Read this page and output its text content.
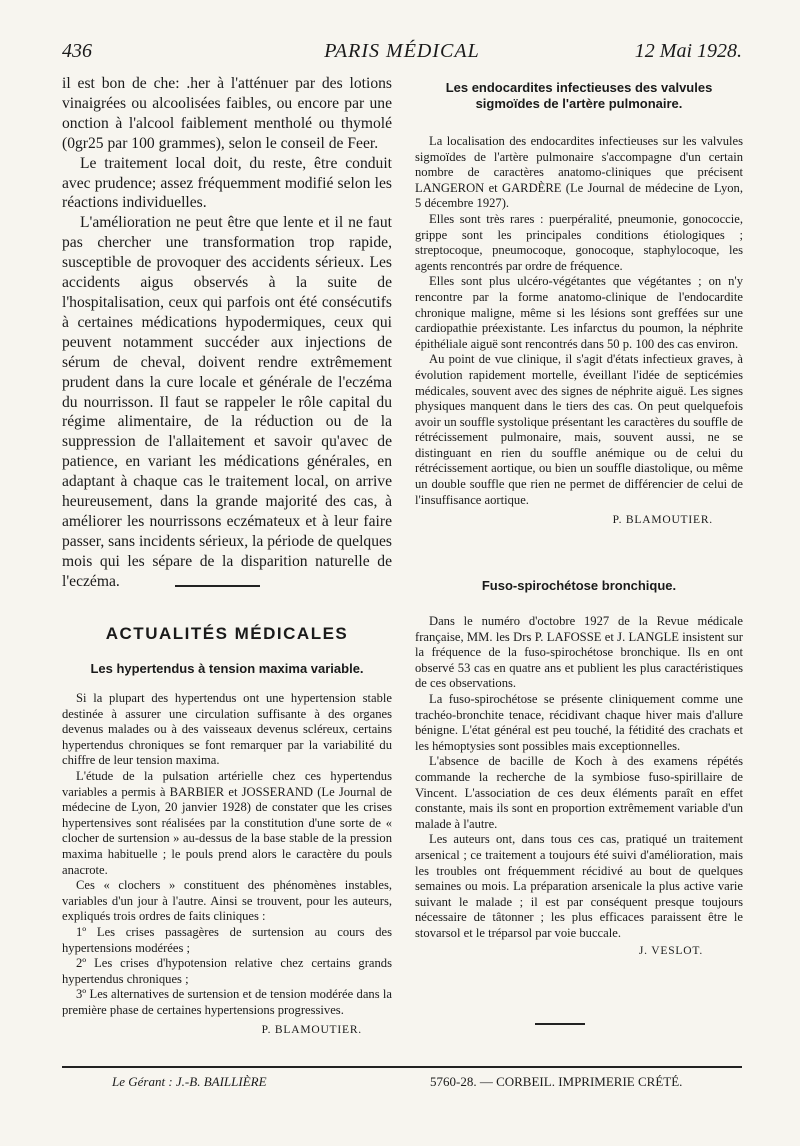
436	PARIS MÉDICAL	12 Mai 1928.

il est bon de che: .her à l'atténuer par des lotions vinaigrées ou alcoolisées faibles, ou encore par une onction à l'alcool faiblement mentholé ou thymolé (0gr25 par 100 grammes), selon le conseil de Feer.

Le traitement local doit, du reste, être conduit avec prudence; assez fréquemment modifié selon les réactions individuelles.

L'amélioration ne peut être que lente et il ne faut pas chercher une transformation trop rapide, susceptible de provoquer des accidents sérieux. Les accidents aigus observés à la suite de l'hospitalisation, ceux qui parfois ont été consécutifs à certaines médications hypodermiques, ceux qui peuvent notamment succéder aux injections de sérum de cheval, doivent rendre extrêmement prudent dans la cure locale et générale de l'eczéma du nourrisson. Il faut se rappeler le rôle capital du régime alimentaire, de la réduction ou de la suppression de l'allaitement et savoir qu'avec de patience, en variant les médications générales, en adaptant à chaque cas le traitement local, on arrive heureusement, dans la grande majorité des cas, à améliorer les nourrissons eczémateux et à leur faire passer, sans incidents sérieux, la période de quelques mois qui les sépare de la disparition naturelle de l'eczéma.

ACTUALITÉS MÉDICALES
Les hypertendus à tension maxima variable.

Si la plupart des hypertendus ont une hypertension stable destinée à assurer une circulation suffisante à des organes devenus malades ou à des vaisseaux devenus scléreux, certains hypertendus chroniques se font remarquer par la variabilité du chiffre de leur tension maxima.

L'étude de la pulsation artérielle chez ces hypertendus variables a permis à BARBIER et JOSSERAND (Le Journal de médecine de Lyon, 20 janvier 1928) de constater que les crises hypertensives sont réalisées par la constitution d'une sorte de « clocher de surtension » au-dessus de la base stable de la pression maxima habituelle ; le pouls prend alors le caractère du pouls anacrote.

Ces « clochers » constituent des phénomènes instables, variables d'un jour à l'autre. Ainsi se trouvent, pour les auteurs, expliqués trois ordres de faits cliniques :

1º Les crises passagères de surtension au cours des hypertensions modérées ;

2º Les crises d'hypotension relative chez certains grands hypertendus chroniques ;

3º Les alternatives de surtension et de tension modérée dans la première phase de certaines hypertensions progressives.

P. BLAMOUTIER.

Les endocardites infectieuses des valvules sigmoïdes de l'artère pulmonaire.

La localisation des endocardites infectieuses sur les valvules sigmoïdes de l'artère pulmonaire s'accompagne d'un certain nombre de caractères anatomo-cliniques que précisent LANGERON et GARDÈRE (Le Journal de médecine de Lyon, 5 décembre 1927).

Elles sont très rares : puerpéralité, pneumonie, gonococcie, grippe sont les principales conditions étiologiques ; streptocoque, pneumocoque, gonocoque, staphylocoque, les agents rencontrés par ordre de fréquence.

Elles sont plus ulcéro-végétantes que végétantes ; on n'y rencontre par la forme anatomo-clinique de l'endocardite chronique maligne, même si les lésions sont greffées sur une cardiopathie préexistante. Les infarctus du poumon, la néphrite épithéliale aiguë sont rencontrés dans 50 p. 100 des cas environ.

Au point de vue clinique, il s'agit d'états infectieux graves, à évolution rapidement mortelle, éveillant l'idée de septicémies médicales, souvent avec des signes de néphrite aiguë. Les signes physiques manquent dans le tiers des cas. On peut quelquefois avoir un souffle systolique présentant les caractères du souffle de rétrécissement pulmonaire, mais, souvent aussi, ne se distinguant en rien du souffle anémique ou de celui du rétrécissement aortique, ou bien un souffle diastolique, ou même un double souffle que rien ne permet de différencier de celui de l'insuffisance aortique.

P. BLAMOUTIER.

Fuso-spirochétose bronchique.

Dans le numéro d'octobre 1927 de la Revue médicale française, MM. les Drs P. LAFOSSE et J. LANGLE insistent sur la fréquence de la fuso-spirochétose bronchique. Ils en ont observé 53 cas en quatre ans et publient les plus caractéristiques de ces observations.

La fuso-spirochétose se présente cliniquement comme une trachéo-bronchite tenace, récidivant chaque hiver mais d'allure bénigne. L'état général est peu touché, la fétidité des crachats et les hémoptysies sont possibles mais exceptionnelles.

L'absence de bacille de Koch à des examens répétés commande la recherche de la symbiose fuso-spirillaire de Vincent. L'association de ces deux éléments paraît en effet constante, mais ils sont en proportion extrêmement variable d'un malade à l'autre.

Les auteurs ont, dans tous ces cas, pratiqué un traitement arsenical ; ce traitement a toujours été suivi d'amélioration, mais les troubles ont fréquemment récidivé au bout de quelques semaines ou mois. La préparation arsenicale la plus active varie suivant le malade ; il est par conséquent presque toujours nécessaire de tâtonner ; les plus efficaces paraissent être le stovarsol et le tréparsol par voie buccale.

J. VESLOT.

Le Gérant : J.-B. BAILLIÈRE	5760-28. — CORBEIL. IMPRIMERIE CRÉTÉ.
